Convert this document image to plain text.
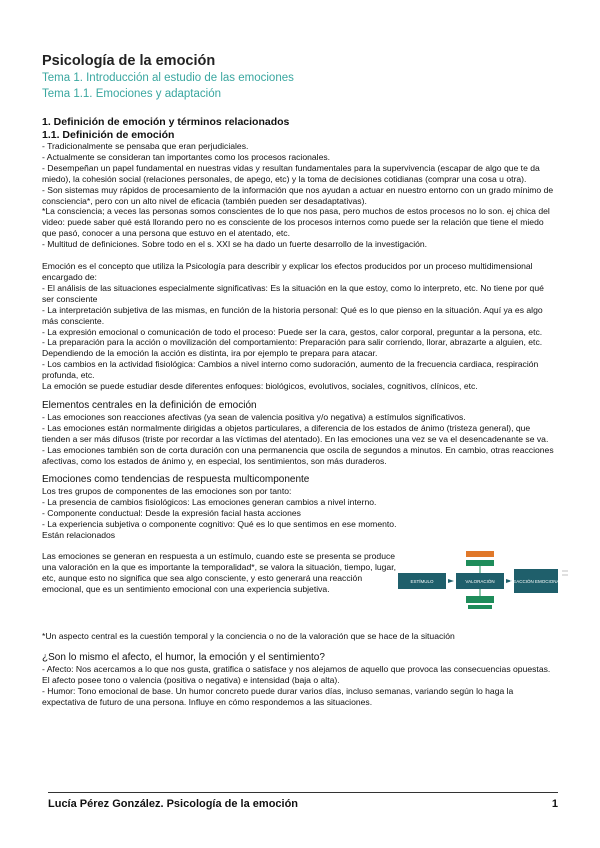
Psicología de la emoción
Tema 1. Introducción al estudio de las emociones
Tema 1.1. Emociones y adaptación
1. Definición de emoción y términos relacionados
1.1. Definición de emoción

- Tradicionalmente se pensaba que eran perjudiciales.

- Actualmente se consideran tan importantes como los procesos racionales.

- Desempeñan un papel fundamental en nuestras vidas y resultan fundamentales para la supervivencia (escapar de algo que te da miedo), la cohesión social (relaciones personales, de apego, etc) y la toma de decisiones cotidianas (comprar una cosa u otra).

- Son sistemas muy rápidos de procesamiento de la información que nos ayudan a actuar en nuestro entorno con un grado mínimo de consciencia*, pero con un alto nivel de eficacia (también pueden ser desadaptativas).

*La consciencia; a veces las personas somos conscientes de lo que nos pasa, pero muchos de estos procesos no lo son. ej chica del video: puede saber qué está llorando pero no es consciente de los procesos internos como puede ser la relación que tiene el miedo que pasó, conocer a una persona que estuvo en el atentado, etc.

- Multitud de definiciones. Sobre todo en el s. XXI se ha dado un fuerte desarrollo de la investigación.

Emoción es el concepto que utiliza la Psicología para describir y explicar los efectos producidos por un proceso multidimensional encargado de:

- El análisis de las situaciones especialmente significativas: Es la situación en la que estoy, como lo interpreto, etc. No tiene por qué ser consciente

- La interpretación subjetiva de las mismas, en función de la historia personal: Qué es lo que pienso en la situación. Aquí ya es algo más consciente.

- La expresión emocional o comunicación de todo el proceso: Puede ser la cara, gestos, calor corporal, preguntar a la persona, etc.

- La preparación para la acción o movilización del comportamiento: Preparación para salir corriendo, llorar, abrazarte a alguien, etc. Dependiendo de la emoción la acción es distinta, ira por ejemplo te prepara para atacar.

- Los cambios en la actividad fisiológica: Cambios a nivel interno como sudoración, aumento de la frecuencia cardiaca, respiración profunda, etc.

La emoción se puede estudiar desde diferentes enfoques: biológicos, evolutivos, sociales, cognitivos, clínicos, etc.

Elementos centrales en la definición de emoción

- Las emociones son reacciones afectivas (ya sean de valencia positiva y/o negativa) a estímulos significativos.

- Las emociones están normalmente dirigidas a objetos particulares, a diferencia de los estados de ánimo (tristeza general), que tienden a ser más difusos (triste por recordar a las víctimas del atentado). En las emociones una vez se va el desencadenante se va.

- Las emociones también son de corta duración con una permanencia que oscila de segundos a minutos. En cambio, otras reacciones afectivas, como los estados de ánimo y, en especial, los sentimientos, son más duraderos.

Emociones como tendencias de respuesta multicomponente

Los tres grupos de componentes de las emociones son por tanto:

- La presencia de cambios fisiológicos: Las emociones generan cambios a nivel interno.

- Componente conductual: Desde la expresión facial hasta acciones

- La experiencia subjetiva o componente cognitivo: Qué es lo que sentimos en ese momento.

Están relacionados

Las emociones se generan en respuesta a un estímulo, cuando este se presenta se produce una valoración en la que es importante la temporalidad*, se valora la situación, tiempo, lugar, etc, aunque esto no significa que sea algo consciente, y esto generará una reacción emocional, que es un sentimiento emocional con una experiencia subjetiva.

ESTÍMULO	VALORACIÓN	REACCIÓN EMOCIONAL

*Un aspecto central es la cuestión temporal y la conciencia o no de la valoración que se hace de la situación

¿Son lo mismo el afecto, el humor, la emoción y el sentimiento?

- Afecto: Nos acercamos a lo que nos gusta, gratifica o satisface y nos alejamos de aquello que provoca las consecuencias opuestas.

El afecto posee tono o valencia (positiva o negativa) e intensidad (baja o alta).

- Humor: Tono emocional de base. Un humor concreto puede durar varios días, incluso semanas, variando según lo haga la expectativa de futuro de una persona. Influye en cómo respondemos a las situaciones.

Lucía Pérez González. Psicología de la emoción	1
